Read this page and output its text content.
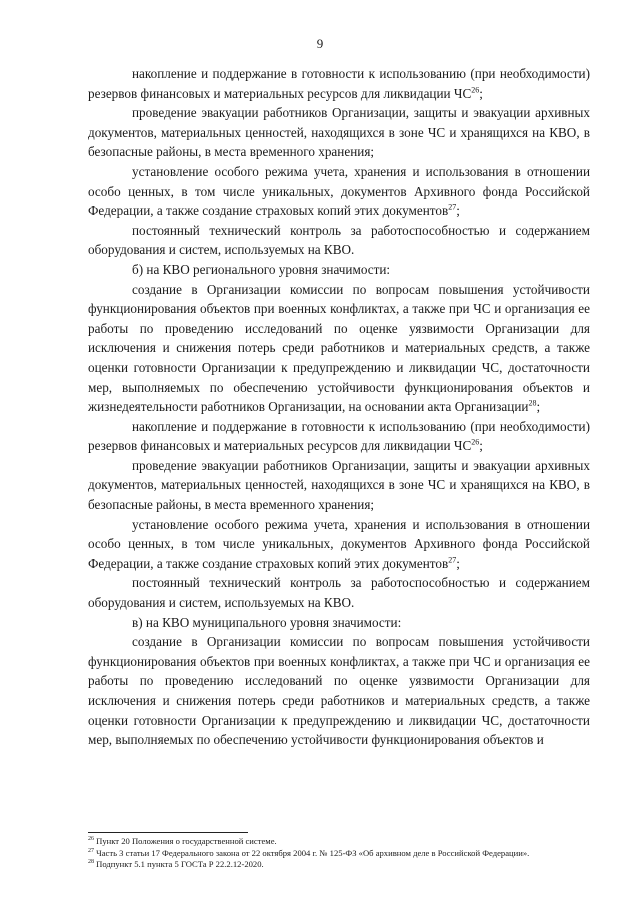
9

накопление и поддержание в готовности к использованию (при необходимости) резервов финансовых и материальных ресурсов для ликвидации ЧС$^{26}$;

проведение эвакуации работников Организации, защиты и эвакуации архивных документов, материальных ценностей, находящихся в зоне ЧС и хранящихся на КВО, в безопасные районы, в места временного хранения;

установление особого режима учета, хранения и использования в отношении особо ценных, в том числе уникальных, документов Архивного фонда Российской Федерации, а также создание страховых копий этих документов$^{27}$;

постоянный технический контроль за работоспособностью и содержанием оборудования и систем, используемых на КВО.

б) на КВО регионального уровня значимости:

создание в Организации комиссии по вопросам повышения устойчивости функционирования объектов при военных конфликтах, а также при ЧС и организация ее работы по проведению исследований по оценке уязвимости Организации для исключения и снижения потерь среди работников и материальных средств, а также оценки готовности Организации к предупреждению и ликвидации ЧС, достаточности мер, выполняемых по обеспечению устойчивости функционирования объектов и жизнедеятельности работников Организации, на основании акта Организации$^{28}$;

накопление и поддержание в готовности к использованию (при необходимости) резервов финансовых и материальных ресурсов для ликвидации ЧС$^{26}$;

проведение эвакуации работников Организации, защиты и эвакуации архивных документов, материальных ценностей, находящихся в зоне ЧС и хранящихся на КВО, в безопасные районы, в места временного хранения;

установление особого режима учета, хранения и использования в отношении особо ценных, в том числе уникальных, документов Архивного фонда Российской Федерации, а также создание страховых копий этих документов$^{27}$;

постоянный технический контроль за работоспособностью и содержанием оборудования и систем, используемых на КВО.

в) на КВО муниципального уровня значимости:

создание в Организации комиссии по вопросам повышения устойчивости функционирования объектов при военных конфликтах, а также при ЧС и организация ее работы по проведению исследований по оценке уязвимости Организации для исключения и снижения потерь среди работников и материальных средств, а также оценки готовности Организации к предупреждению и ликвидации ЧС, достаточности мер, выполняемых по обеспечению устойчивости функционирования объектов и

$^{26}$ Пункт 20 Положения о государственной системе.

$^{27}$ Часть 3 статьи 17 Федерального закона от 22 октября 2004 г. № 125-ФЗ «Об архивном деле в Российской Федерации».

$^{28}$ Подпункт 5.1 пункта 5 ГОСТа Р 22.2.12-2020.
